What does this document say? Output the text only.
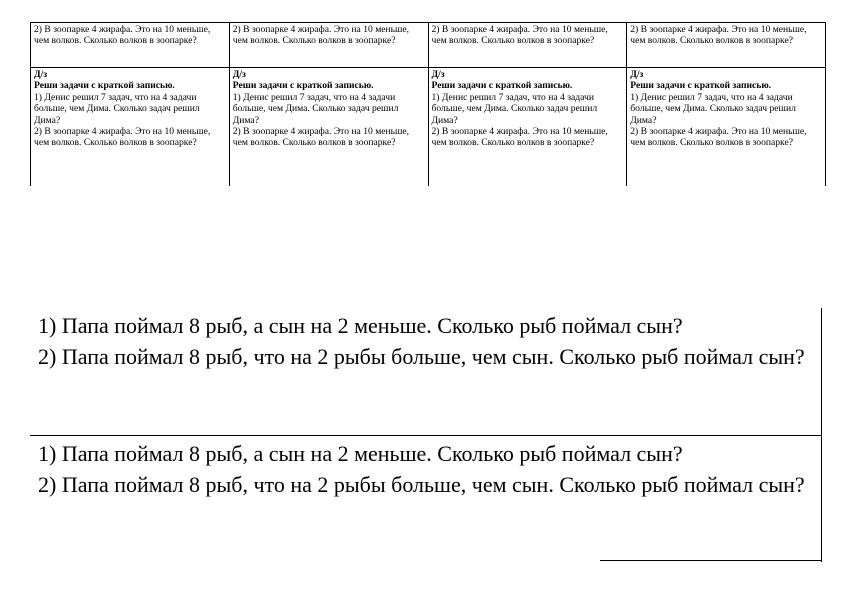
2) В зоопарке 4 жирафа. Это на 10 меньше, чем волков. Сколько волков в зоопарке?
2) В зоопарке 4 жирафа. Это на 10 меньше, чем волков. Сколько волков в зоопарке?
2) В зоопарке 4 жирафа. Это на 10 меньше, чем волков. Сколько волков в зоопарке?
2) В зоопарке 4 жирафа. Это на 10 меньше, чем волков. Сколько волков в зоопарке?
Д/з
Реши задачи с краткой записью.
1) Денис решил 7 задач, что на 4 задачи больше, чем Дима. Сколько задач решил Дима?
2) В зоопарке 4 жирафа. Это на 10 меньше, чем волков. Сколько волков в зоопарке?
Д/з
Реши задачи с краткой записью.
1) Денис решил 7 задач, что на 4 задачи больше, чем Дима. Сколько задач решил Дима?
2) В зоопарке 4 жирафа. Это на 10 меньше, чем волков. Сколько волков в зоопарке?
Д/з
Реши задачи с краткой записью.
1) Денис решил 7 задач, что на 4 задачи больше, чем Дима. Сколько задач решил Дима?
2) В зоопарке 4 жирафа. Это на 10 меньше, чем волков. Сколько волков в зоопарке?
Д/з
Реши задачи с краткой записью.
1) Денис решил 7 задач, что на 4 задачи больше, чем Дима. Сколько задач решил Дима?
2) В зоопарке 4 жирафа. Это на 10 меньше, чем волков. Сколько волков в зоопарке?
1) Папа поймал 8 рыб, а сын на 2 меньше. Сколько рыб поймал сын?
2) Папа поймал 8 рыб, что на 2 рыбы больше, чем сын. Сколько рыб поймал сын?
1) Папа поймал 8 рыб, а сын на 2 меньше. Сколько рыб поймал сын?
2) Папа поймал 8 рыб, что на 2 рыбы больше, чем сын. Сколько рыб поймал сын?
